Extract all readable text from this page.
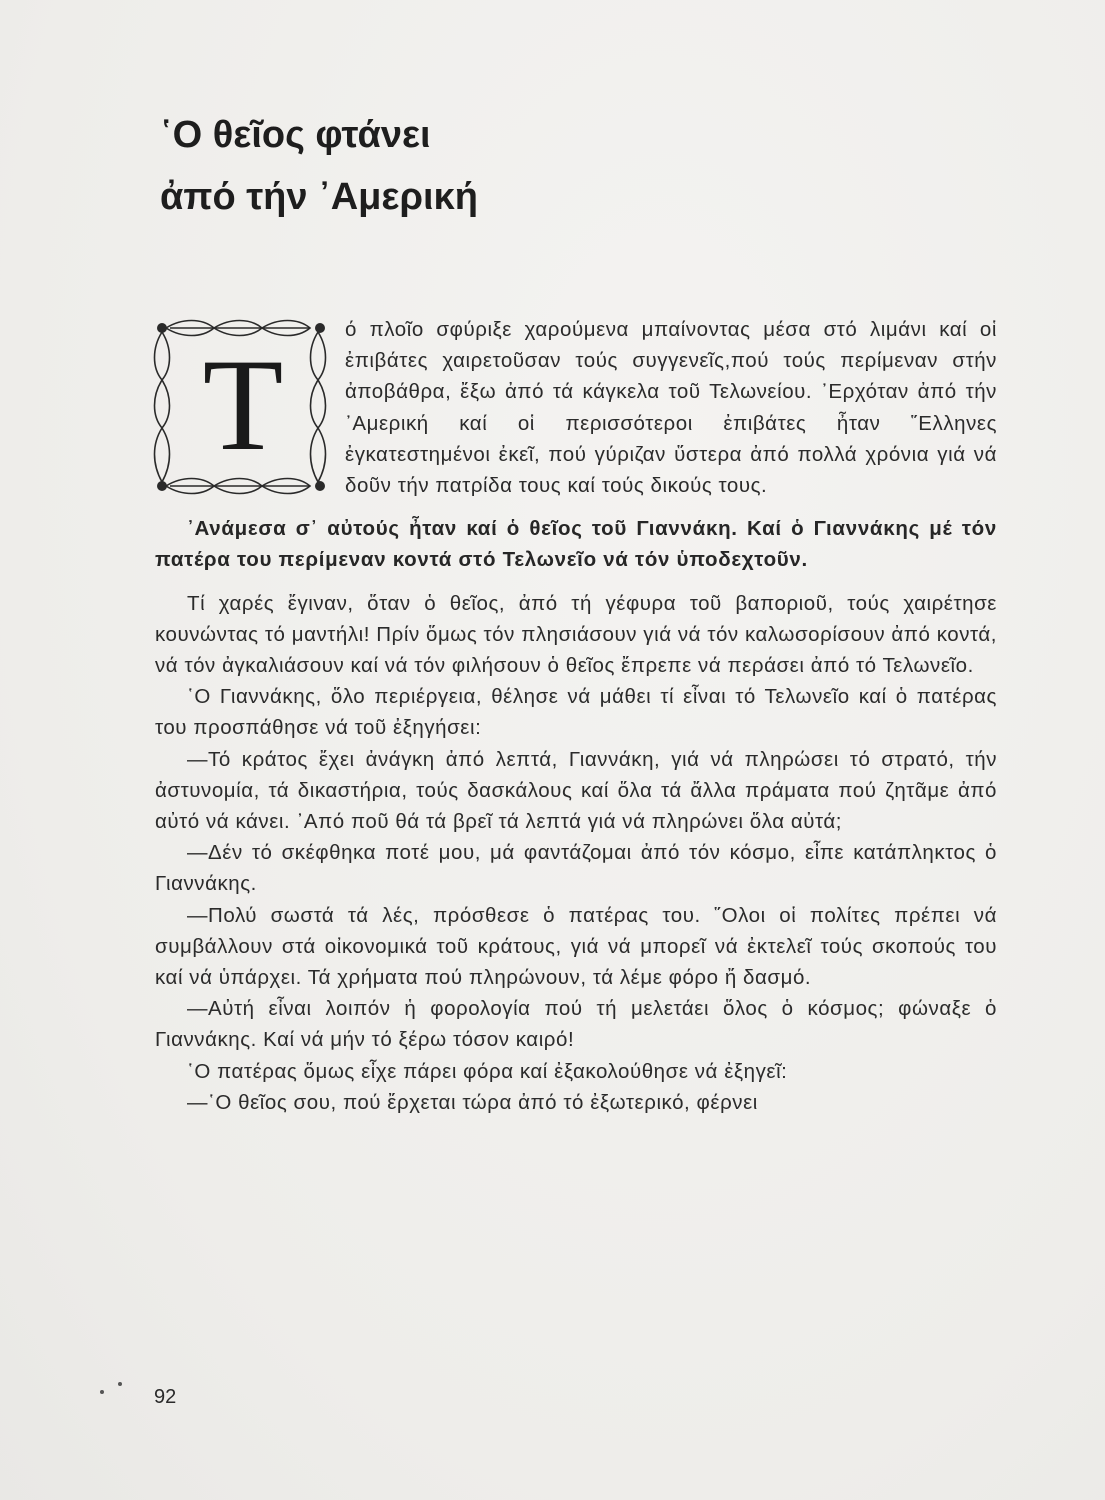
῾Ο θεῖος φτάνει
ἀπό τήν ᾿Αμερική
Τ

ό πλοῖο σφύριξε χαρούμενα μπαίνοντας μέσα στό λιμάνι καί οἱ ἐπιβάτες χαιρετοῦσαν τούς συγγενεῖς,πού τούς περίμεναν στήν ἀποβάθρα, ἔξω ἀπό τά κάγκελα τοῦ Τελωνείου. ᾿Ερχόταν ἀπό τήν ᾿Αμερική καί οἱ περισσότεροι ἐπιβάτες ἦταν ῞Ελληνες ἐγκατεστημένοι ἐκεῖ, πού γύριζαν ὕστερα ἀπό πολλά χρόνια γιά νά δοῦν τήν πατρίδα τους καί τούς δικούς τους.

᾿Ανάμεσα σ᾿ αὐτούς ἦταν καί ὁ θεῖος τοῦ Γιαννάκη. Καί ὁ Γιαννάκης μέ τόν πατέρα του περίμεναν κοντά στό Τελωνεῖο νά τόν ὑποδεχτοῦν.

Τί χαρές ἔγιναν, ὅταν ὁ θεῖος, ἀπό τή γέφυρα τοῦ βαποριοῦ, τούς χαιρέτησε κουνώντας τό μαντήλι! Πρίν ὅμως τόν πλησιάσουν γιά νά τόν καλωσορίσουν ἀπό κοντά, νά τόν ἀγκαλιάσουν καί νά τόν φιλήσουν ὁ θεῖος ἔπρεπε νά περάσει ἀπό τό Τελωνεῖο.

῾Ο Γιαννάκης, ὅλο περιέργεια, θέλησε νά μάθει τί εἶναι τό Τελωνεῖο καί ὁ πατέρας του προσπάθησε νά τοῦ ἐξηγήσει:

—Τό κράτος ἔχει ἀνάγκη ἀπό λεπτά, Γιαννάκη, γιά νά πληρώσει τό στρατό, τήν ἀστυνομία, τά δικαστήρια, τούς δασκάλους καί ὅλα τά ἄλλα πράματα πού ζητᾶμε ἀπό αὐτό νά κάνει. ᾿Από ποῦ θά τά βρεῖ τά λεπτά γιά νά πληρώνει ὅλα αὐτά;

—Δέν τό σκέφθηκα ποτέ μου, μά φαντάζομαι ἀπό τόν κόσμο, εἶπε κατάπληκτος ὁ Γιαννάκης.

—Πολύ σωστά τά λές, πρόσθεσε ὁ πατέρας του. ῞Ολοι οἱ πολίτες πρέπει νά συμβάλλουν στά οἰκονομικά τοῦ κράτους, γιά νά μπορεῖ νά ἐκτελεῖ τούς σκοπούς του καί νά ὑπάρχει. Τά χρήματα πού πληρώνουν, τά λέμε φόρο ἤ δασμό.

—Αὐτή εἶναι λοιπόν ἡ φορολογία πού τή μελετάει ὅλος ὁ κόσμος; φώναξε ὁ Γιαννάκης. Καί νά μήν τό ξέρω τόσον καιρό!

῾Ο πατέρας ὅμως εἶχε πάρει φόρα καί ἐξακολούθησε νά ἐξηγεῖ:

—῾Ο θεῖος σου, πού ἔρχεται τώρα ἀπό τό ἐξωτερικό, φέρνει

92
